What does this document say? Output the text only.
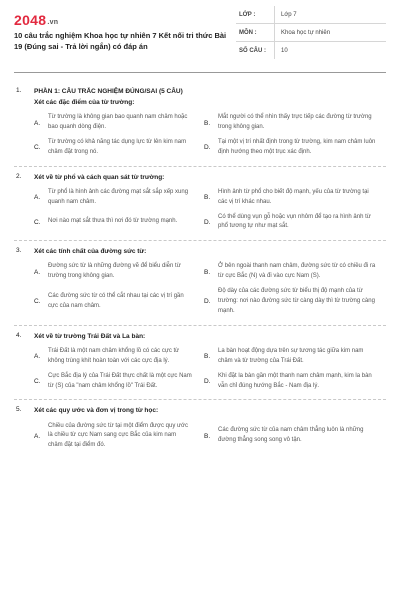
2048.vn
10 câu trắc nghiệm Khoa học tự nhiên 7 Kết nối tri thức Bài 19 (Đúng sai - Trả lời ngắn) có đáp án
LỚP :	Lớp 7
MÔN :	Khoa học tự nhiên
SỐ CÂU :	10
1.	PHẦN 1: CÂU TRẮC NGHIỆM ĐÚNG/SAI (5 CÂU)
Xét các đặc điểm của từ trường:
A.
Từ trường là không gian bao quanh nam châm hoặc bao quanh dòng điện.
B.
Mắt người có thể nhìn thấy trực tiếp các đường từ trường trong không gian.
C.
Từ trường có khả năng tác dụng lực từ lên kim nam châm đặt trong nó.
D.
Tại một vị trí nhất định trong từ trường, kim nam châm luôn định hướng theo một trục xác định.
2.	Xét về từ phổ và cách quan sát từ trường:
A.
Từ phổ là hình ảnh các đường mạt sắt sắp xếp xung quanh nam châm.
B.
Hình ảnh từ phổ cho biết độ mạnh, yếu của từ trường tại các vị trí khác nhau.
C.	Nơi nào mạt sắt thưa thì nơi đó từ trường mạnh.	D.
Có thể dùng vụn gỗ hoặc vụn nhôm để tạo ra hình ảnh từ phổ tương tự như mạt sắt.
3.	Xét các tính chất của đường sức từ:
A.
Đường sức từ là những đường vẽ để biểu diễn từ trường trong không gian.
B.
Ở bên ngoài thanh nam châm, đường sức từ có chiều đi ra từ cực Bắc (N) và đi vào cực Nam (S).
C.
Các đường sức từ có thể cắt nhau tại các vị trí gần cực của nam châm.
D.
Độ dày của các đường sức từ biểu thị độ mạnh của từ trường: nơi nào đường sức từ càng dày thì từ trường càng mạnh.
4.	Xét về từ trường Trái Đất và La bàn:
A.
Trái Đất là một nam châm khổng lồ có các cực từ không trùng khít hoàn toàn với các cực địa lý.
B.
La bàn hoạt động dựa trên sự tương tác giữa kim nam châm và từ trường của Trái Đất.
C.
Cực Bắc địa lý của Trái Đất thực chất là một cực Nam từ (S) của "nam châm khổng lồ" Trái Đất.
D.
Khi đặt la bàn gần một thanh nam châm mạnh, kim la bàn vẫn chỉ đúng hướng Bắc - Nam địa lý.
5.	Xét các quy ước và đơn vị trong từ học:
A.
Chiều của đường sức từ tại một điểm được quy ước là chiều từ cực Nam sang cực Bắc của kim nam châm đặt tại điểm đó.
B.
Các đường sức từ của nam châm thẳng luôn là những đường thẳng song song vô tận.
